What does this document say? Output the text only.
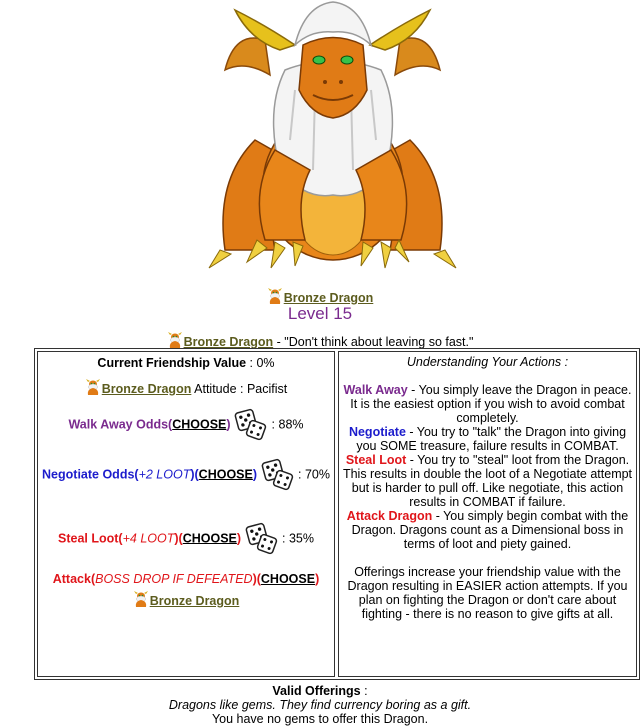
Bronze Dragon
Level 15
Bronze Dragon - "Don't think about leaving so fast."
Current Friendship Value : 0%
Bronze Dragon Attitude : Pacifist
Walk Away Odds(CHOOSE)	: 88%
Negotiate Odds(+2 LOOT)(CHOOSE)	: 70%
Steal Loot(+4 LOOT)(CHOOSE)	: 35%
Attack(BOSS DROP IF DEFEATED)(CHOOSE)
Bronze Dragon

Understanding Your Actions :

Walk Away - You simply leave the Dragon in peace. It is the easiest option if you wish to avoid combat completely.

Negotiate - You try to "talk" the Dragon into giving you SOME treasure, failure results in COMBAT.

Steal Loot - You try to "steal" loot from the Dragon. This results in double the loot of a Negotiate attempt but is harder to pull off. Like negotiate, this action results in COMBAT if failure.

Attack Dragon - You simply begin combat with the Dragon. Dragons count as a Dimensional boss in terms of loot and piety gained.

Offerings increase your friendship value with the Dragon resulting in EASIER action attempts. If you plan on fighting the Dragon or don't care about fighting - there is no reason to give gifts at all.

Valid Offerings :
Dragons like gems. They find currency boring as a gift.
You have no gems to offer this Dragon.
